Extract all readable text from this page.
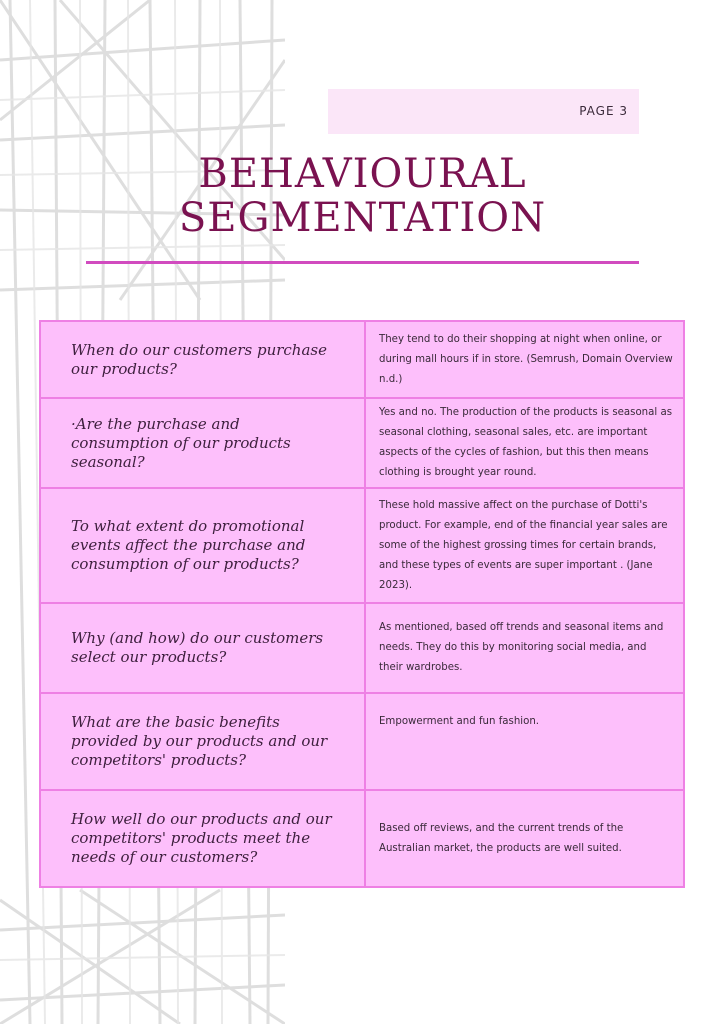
PAGE 3
BEHAVIOURAL
SEGMENTATION
When do our customers purchase our products?	They tend to do their shopping at night when online, or during mall hours if in store. (Semrush, Domain Overview n.d.)

·Are the purchase and consumption of our products seasonal?	Yes and no. The production of the products is seasonal as seasonal clothing, seasonal sales, etc. are important aspects of the cycles of fashion, but this then means clothing is brought year round.

To what extent do promotional events affect the purchase and consumption of our products?	These hold massive affect on the purchase of Dotti's product. For example, end of the financial year sales are some of the highest grossing times for certain brands, and these types of events are super important . (Jane 2023).

Why (and how) do our customers select our products?	As mentioned, based off trends and seasonal items and needs. They do this by monitoring social media, and their wardrobes.

What are the basic benefits provided by our products and our competitors' products?	Empowerment and fun fashion.

How well do our products and our competitors' products meet the needs of our customers?	Based off reviews, and the current trends of the Australian market, the products are well suited.
